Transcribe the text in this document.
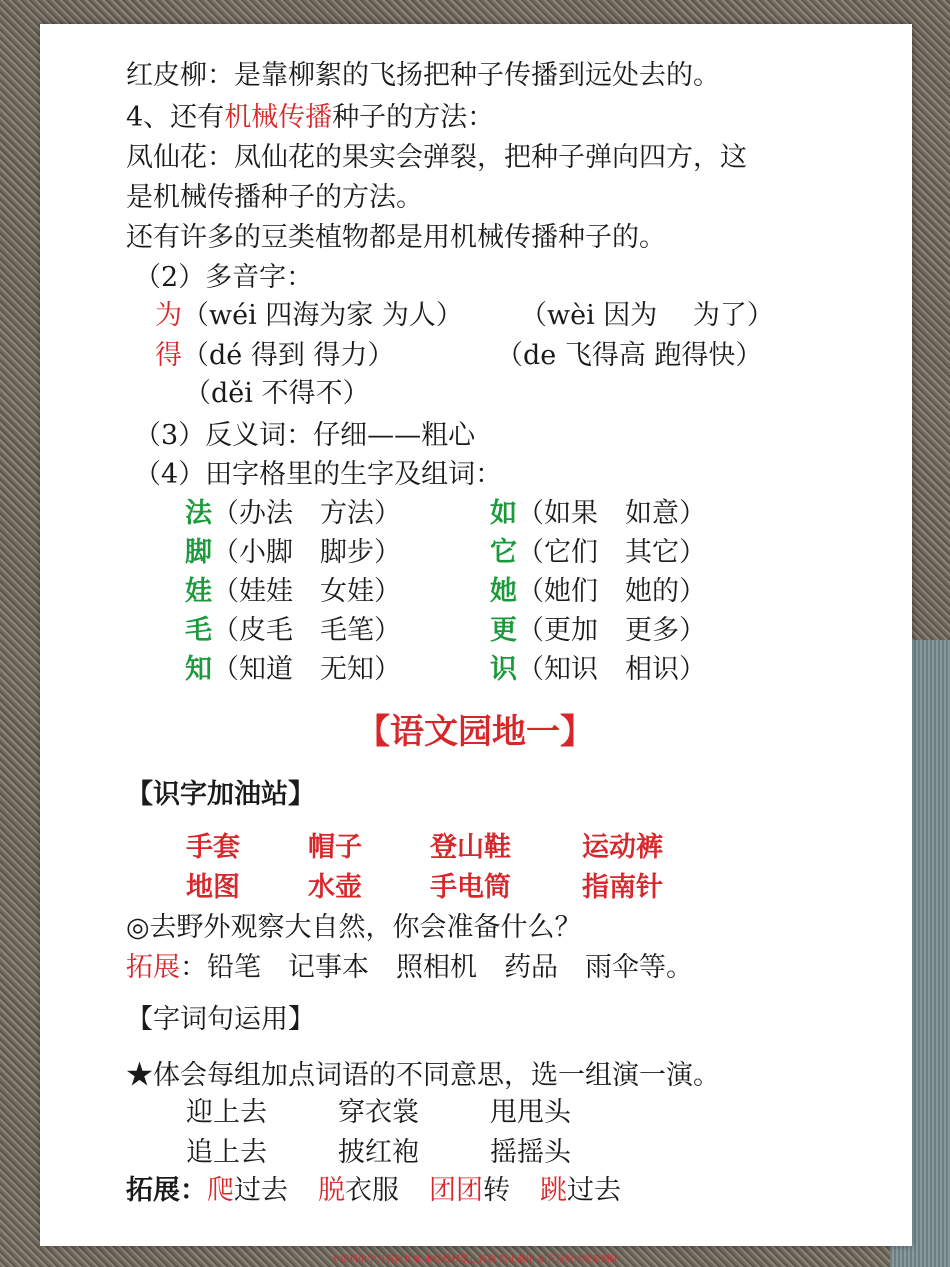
红皮柳：是靠柳絮的飞扬把种子传播到远处去的。
4、还有机械传播种子的方法：
凤仙花：凤仙花的果实会弹裂，把种子弹向四方，这
是机械传播种子的方法。
还有许多的豆类植物都是用机械传播种子的。
（2）多音字：
为（wéi 四海为家 为人） （wèi 因为　 为了）
得（dé 得到 得力）	（de 飞得高 跑得快）
（děi 不得不）
（3）反义词：仔细——粗心
（4）田字格里的生字及组词：
法（办法　方法）	如（如果　如意）
脚（小脚　脚步）	它（它们　其它）
娃（娃娃　女娃）	她（她们　她的）
毛（皮毛　毛笔）	更（更加　更多）
知（知道　无知）	识（知识　相识）
【语文园地一】
【识字加油站】
手套	帽子	登山鞋	运动裤
地图	水壶	手电筒	指南针
◎去野外观察大自然，你会准备什么？
拓展：铅笔　记事本　照相机　药品　雨伞等。
【字词句运用】
★体会每组加点词语的不同意思，选一组演一演。
迎上去	穿衣裳	甩甩头
追上去	披红袍	摇摇头
拓展：爬过去 脱衣服 团团转 跳过去
本资料由学习资料共享 未经授权禁止转载 禁止商用 如有侵权请联系删除
